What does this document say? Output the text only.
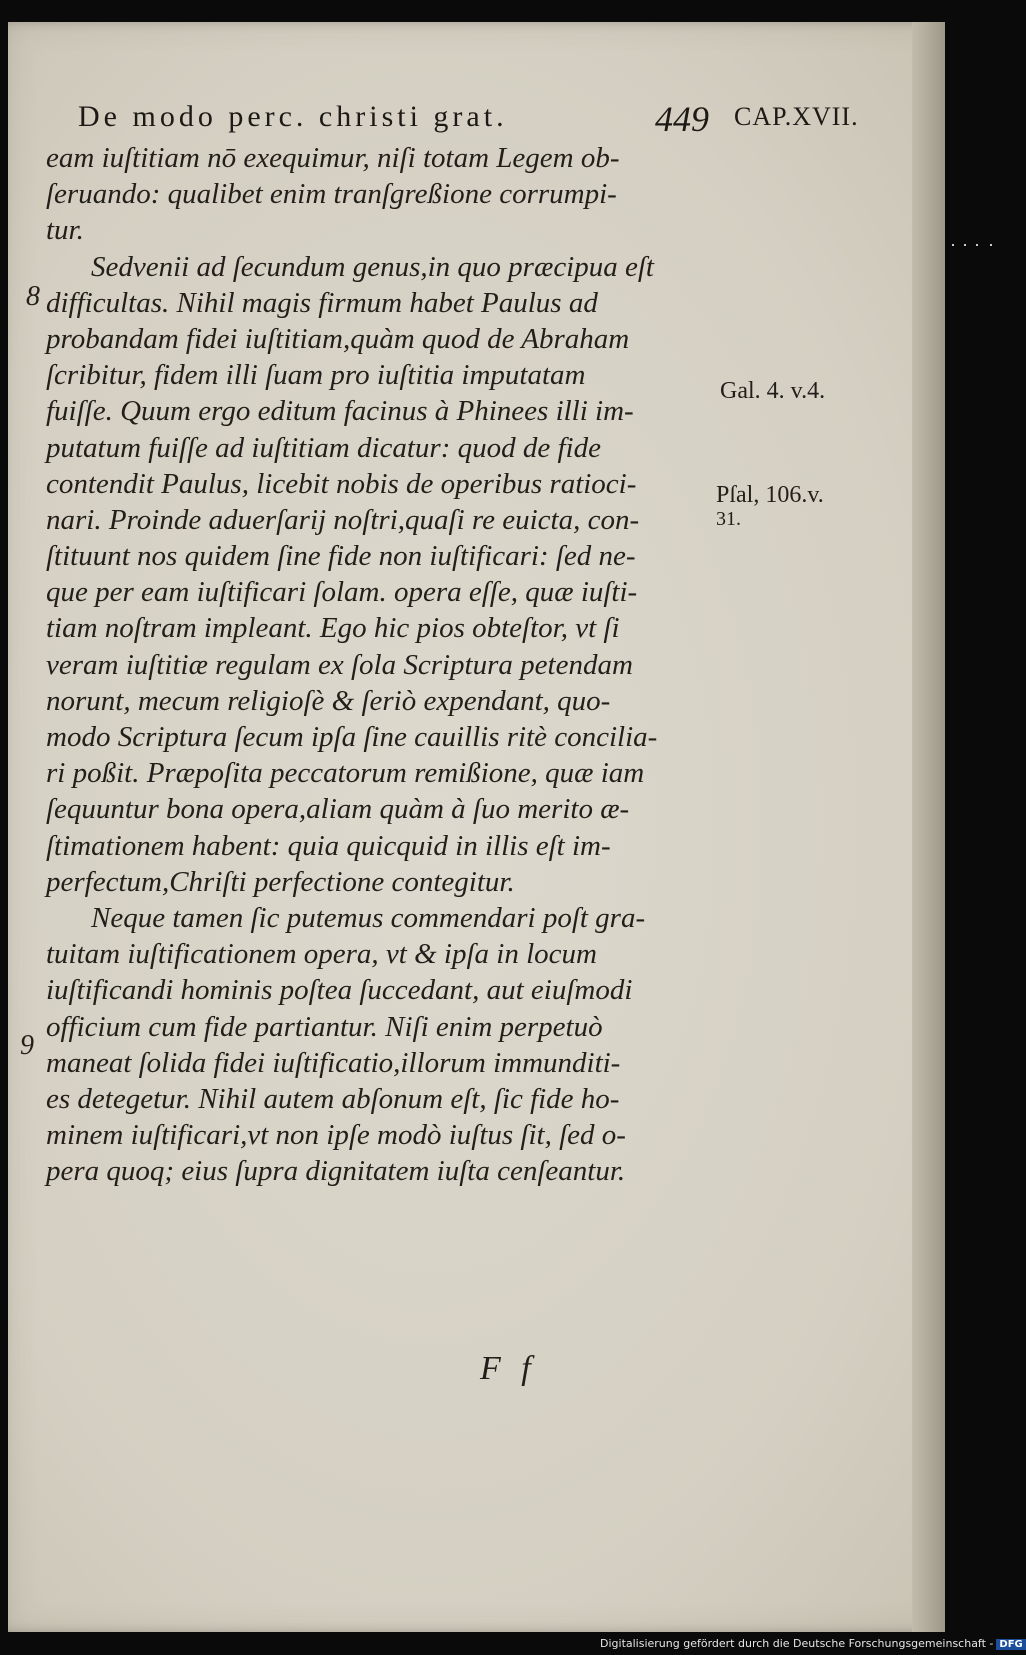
De modo perc. christi grat.	449 CAP.XVII.
8
9
eam iuſtitiam nō exequimur, niſi totam Legem ob-
ſeruando: qualibet enim tranſgreßione corrumpi-
tur.
Sedvenii ad ſecundum genus,in quo præcipua eſt
difficultas. Nihil magis firmum habet Paulus ad
probandam fidei iuſtitiam,quàm quod de Abraham
ſcribitur, fidem illi ſuam pro iuſtitia imputatam
fuiſſe. Quum ergo editum facinus à Phinees illi im-
putatum fuiſſe ad iuſtitiam dicatur: quod de fide
contendit Paulus, licebit nobis de operibus ratioci-
nari. Proinde aduerſarij noſtri,quaſi re euicta, con-
ſtituunt nos quidem ſine fide non iuſtificari: ſed ne-
que per eam iuſtificari ſolam. opera eſſe, quæ iuſti-
tiam noſtram impleant. Ego hic pios obteſtor, vt ſi
veram iuſtitiæ regulam ex ſola Scriptura petendam
norunt, mecum religioſè & ſeriò expendant, quo-
modo Scriptura ſecum ipſa ſine cauillis ritè concilia-
ri poßit. Præpoſita peccatorum remißione, quæ iam
ſequuntur bona opera,aliam quàm à ſuo merito æ-
ſtimationem habent: quia quicquid in illis eſt im-
perfectum,Chriſti perfectione contegitur.
Neque tamen ſic putemus commendari poſt gra-
tuitam iuſtificationem opera, vt & ipſa in locum
iuſtificandi hominis poſtea ſuccedant, aut eiuſmodi
officium cum fide partiantur. Niſi enim perpetuò
maneat ſolida fidei iuſtificatio,illorum immunditi-
es detegetur. Nihil autem abſonum eſt, ſic fide ho-
minem iuſtificari,vt non ipſe modò iuſtus ſit, ſed o-
pera quoq; eius ſupra dignitatem iuſta cenſeantur.
Gal. 4. v.4.
Pſal, 106.v.
31.
F f
Digitalisierung gefördert durch die Deutsche Forschungsgemeinschaft - DFG
